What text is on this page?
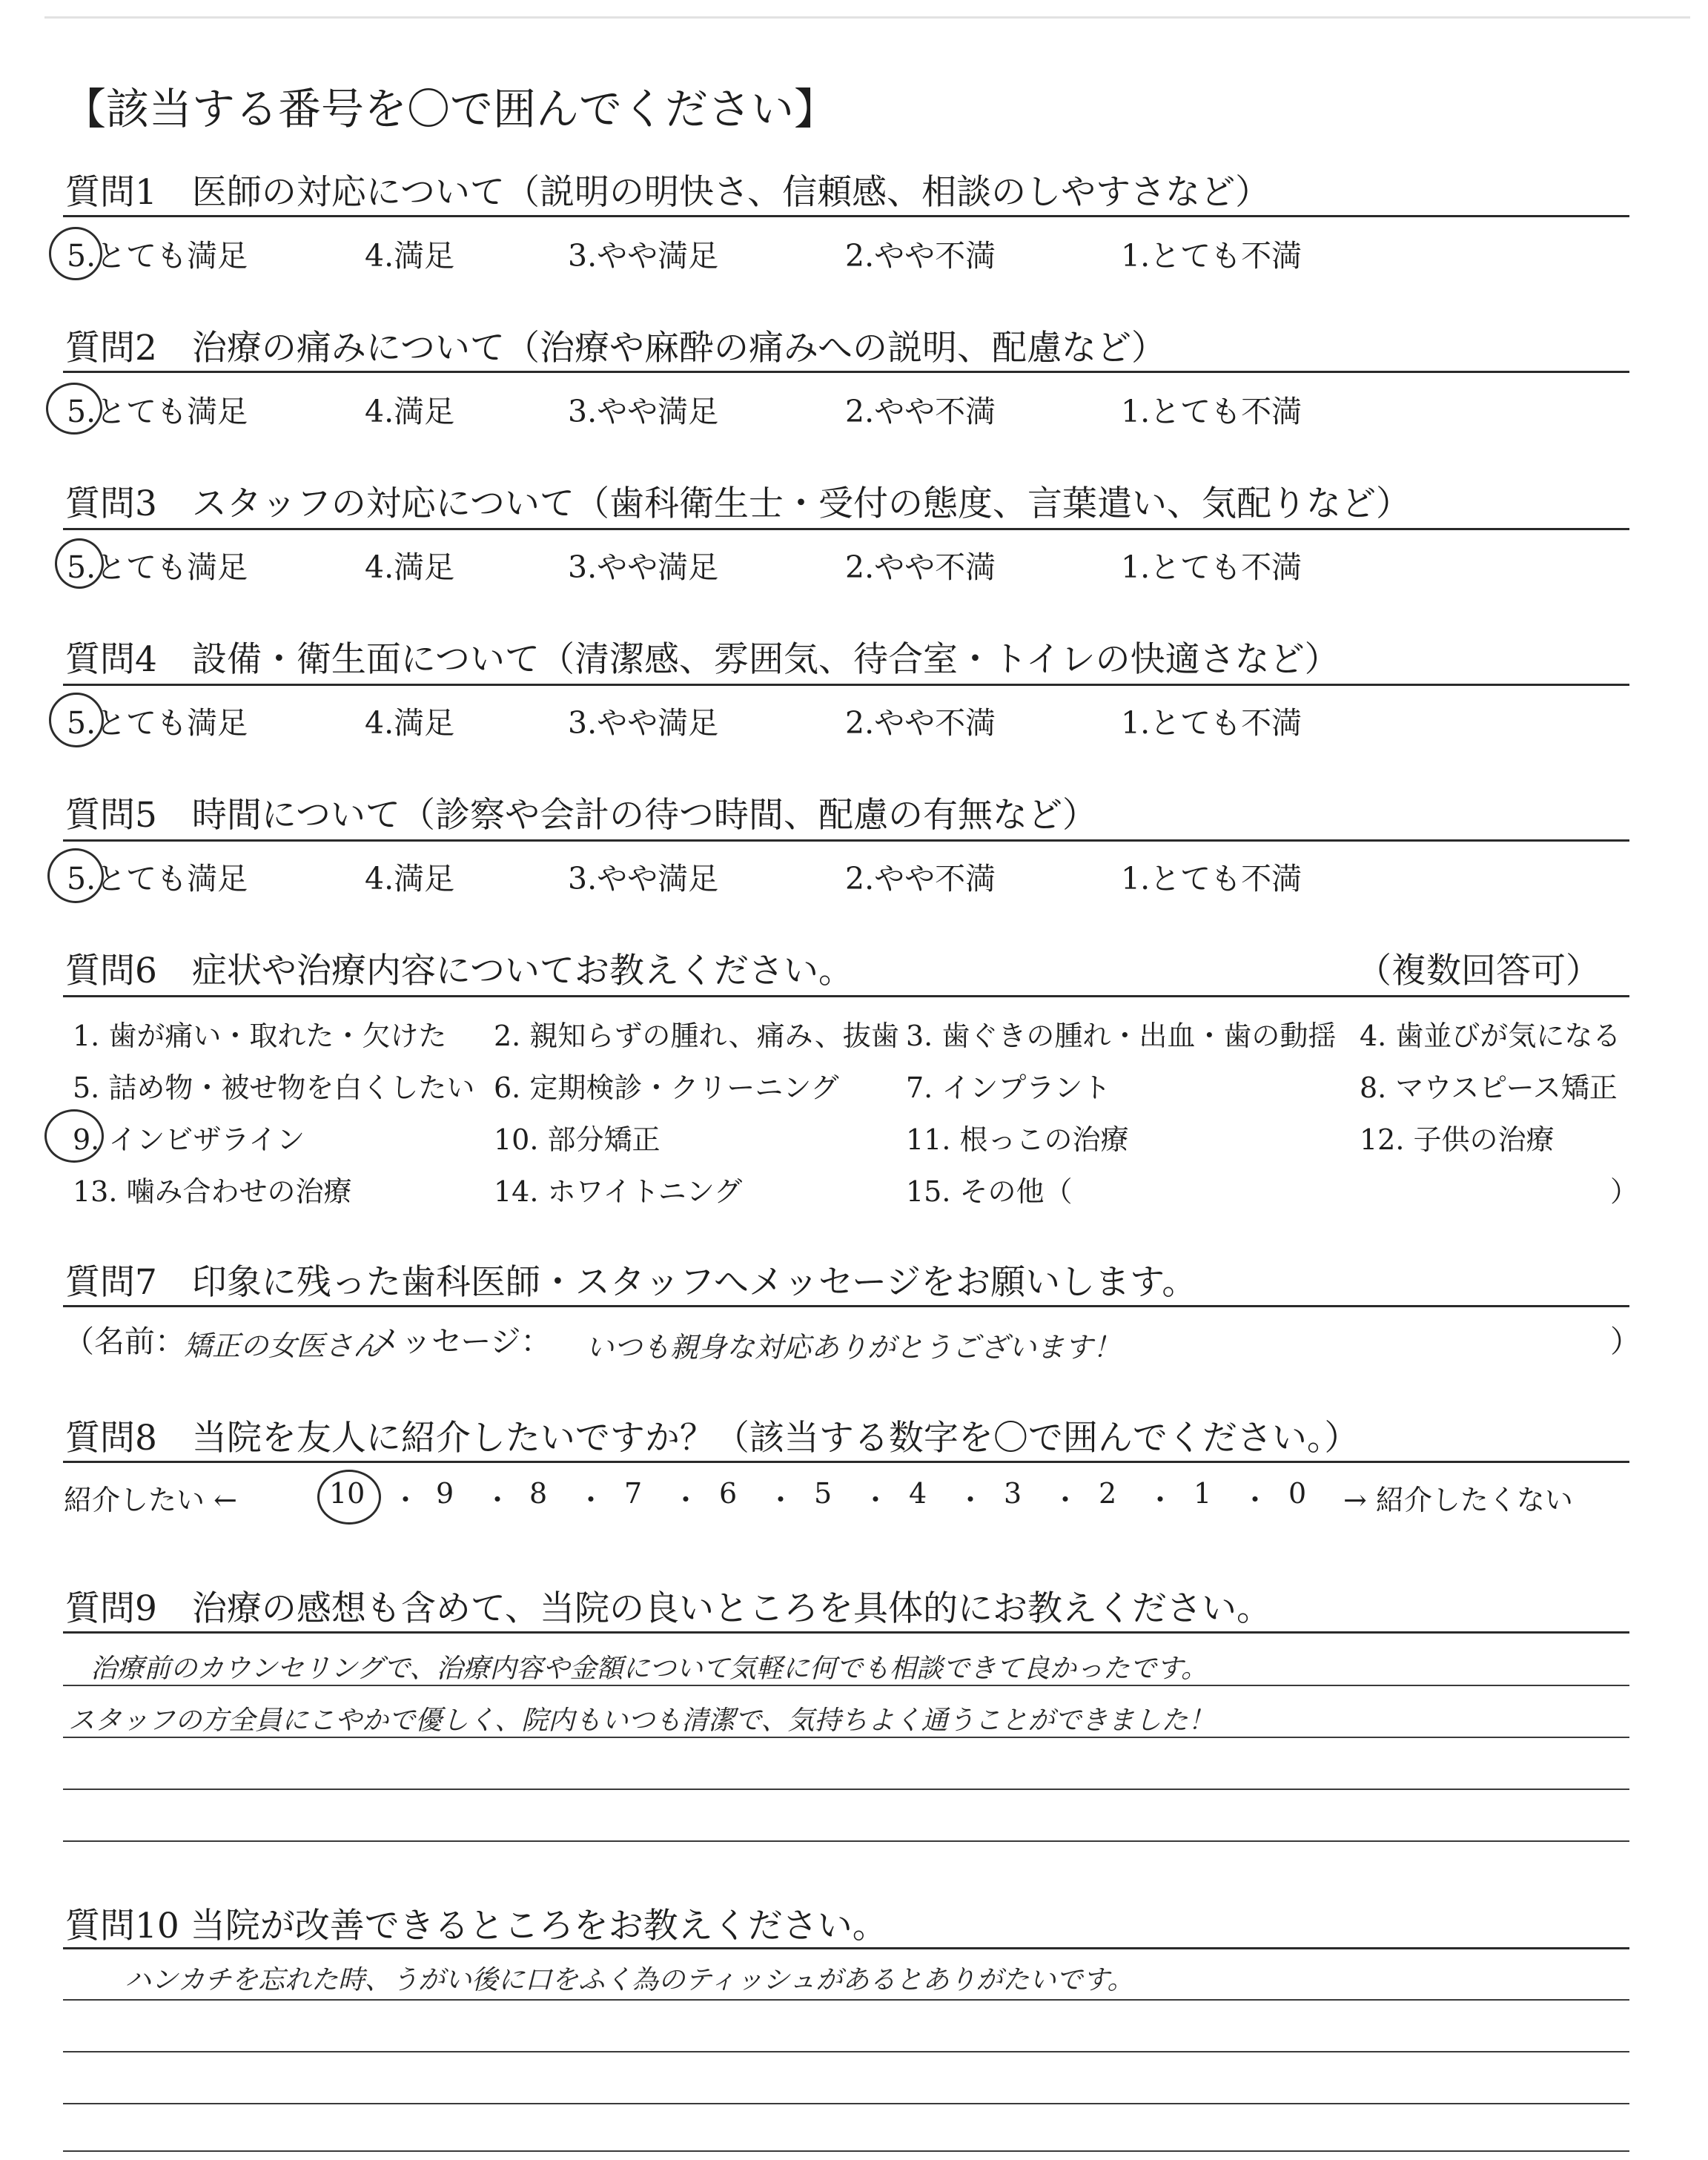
【該当する番号を〇で囲んでください】
質問1　医師の対応について（説明の明快さ、信頼感、相談のしやすさなど）
5.とても満足	4.満足	3.やや満足	2.やや不満	1.とても不満
質問2　治療の痛みについて（治療や麻酔の痛みへの説明、配慮など）
5.とても満足	4.満足	3.やや満足	2.やや不満	1.とても不満
質問3　スタッフの対応について（歯科衛生士・受付の態度、言葉遣い、気配りなど）
5.とても満足	4.満足	3.やや満足	2.やや不満	1.とても不満
質問4　設備・衛生面について（清潔感、雰囲気、待合室・トイレの快適さなど）
5.とても満足	4.満足	3.やや満足	2.やや不満	1.とても不満
質問5　時間について（診察や会計の待つ時間、配慮の有無など）
5.とても満足	4.満足	3.やや満足	2.やや不満	1.とても不満
質問6　症状や治療内容についてお教えください。	（複数回答可）
1. 歯が痛い・取れた・欠けた 2. 親知らずの腫れ、痛み、抜歯 3. 歯ぐきの腫れ・出血・歯の動揺 4. 歯並びが気になる
5. 詰め物・被せ物を白くしたい 6. 定期検診・クリーニング 7. インプラント	8. マウスピース矯正
9. インビザライン	10. 部分矯正	11. 根っこの治療	12. 子供の治療
13. 噛み合わせの治療	14. ホワイトニング	15. その他（	）
質問7　印象に残った歯科医師・スタッフへメッセージをお願いします。
（名前：
矯正の女医さん
メッセージ： いつも親身な対応ありがとうございます！	）
質問8　当院を友人に紹介したいですか？（該当する数字を〇で囲んでください。）
紹介したい ←	10 ・ 9 ・ 8 ・ 7 ・ 6 ・ 5 ・ 4 ・ 3 ・ 2 ・ 1 ・ 0 → 紹介したくない
質問9　治療の感想も含めて、当院の良いところを具体的にお教えください。
治療前のカウンセリングで、治療内容や金額について気軽に何でも相談できて良かったです。
スタッフの方全員にこやかで優しく、院内もいつも清潔で、気持ちよく通うことができました！
質問10 当院が改善できるところをお教えください。
ハンカチを忘れた時、うがい後に口をふく為のティッシュがあるとありがたいです。
